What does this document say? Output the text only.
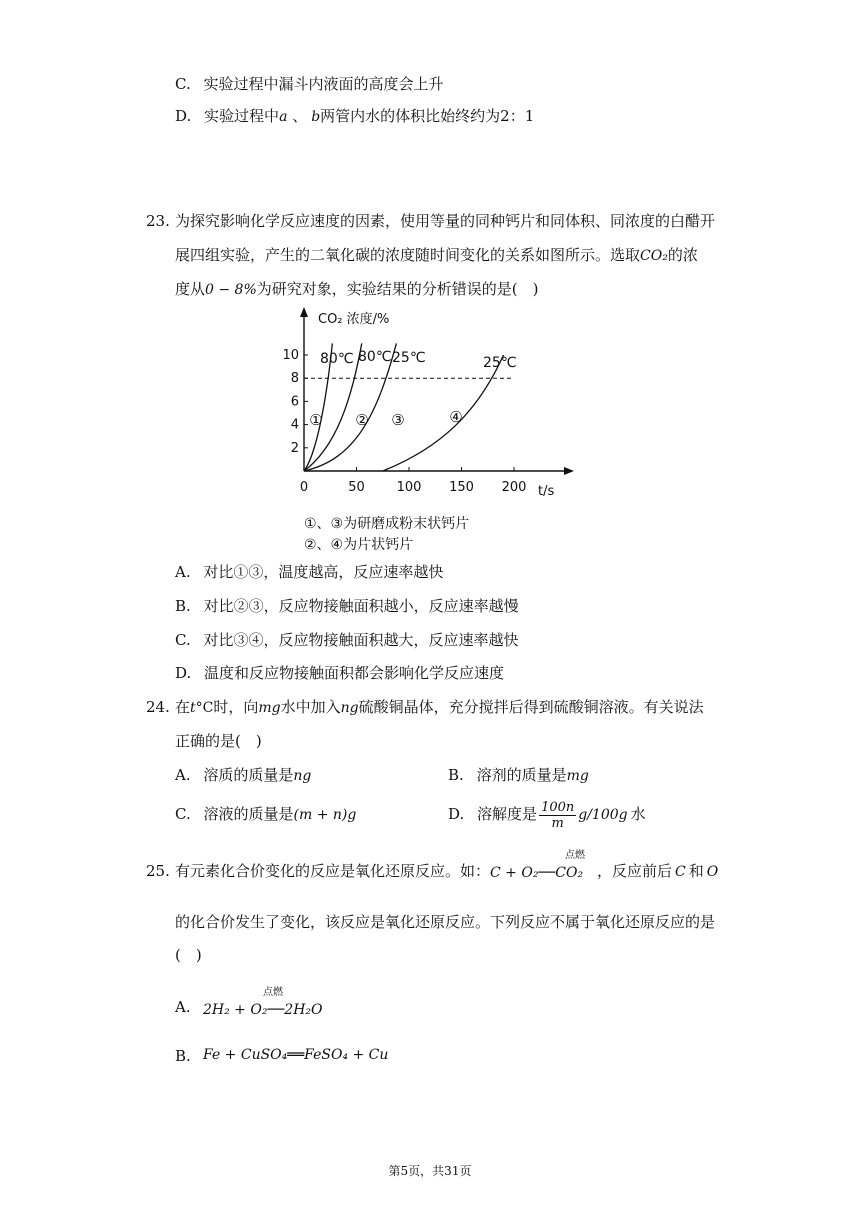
C. 实验过程中漏斗内液面的高度会上升
D. 实验过程中a 、 b两管内水的体积比始终约为2：1
23. 为探究影响化学反应速度的因素，使用等量的同种钙片和同体积、同浓度的白醋开
展四组实验，产生的二氧化碳的浓度随时间变化的关系如图所示。选取CO₂的浓
度从0 − 8%为研究对象，实验结果的分析错误的是(　)
2
4
6
8
10
0	50 100 150 200
CO₂ 浓度/%
t/s
80℃ 80℃ 25℃	25℃
① ② ③	④
①、③为研磨成粉末状钙片
②、④为片状钙片
A. 对比①③，温度越高，反应速率越快
B. 对比②③，反应物接触面积越小，反应速率越慢
C. 对比③④，反应物接触面积越大，反应速率越快
D. 温度和反应物接触面积都会影响化学反应速度
24. 在t°C时，向mg水中加入ng硫酸铜晶体，充分搅拌后得到硫酸铜溶液。有关说法
正确的是(　)
A. 溶质的质量是ng	B. 溶剂的质量是mg
C. 溶液的质量是(m + n)g	D. 溶解度是 $\frac{100n}{m} g/100g$ 水
25. 有元素化合价变化的反应是氧化还原反应。如：
点燃
C + O₂──CO₂ ，反应前后 C 和 O
的化合价发生了变化，该反应是氧化还原反应。下列反应不属于氧化还原反应的是
(　)
A.
点燃
2H₂ + O₂──2H₂O
B. Fe + CuSO₄══FeSO₄ + Cu
第5页，共31页
